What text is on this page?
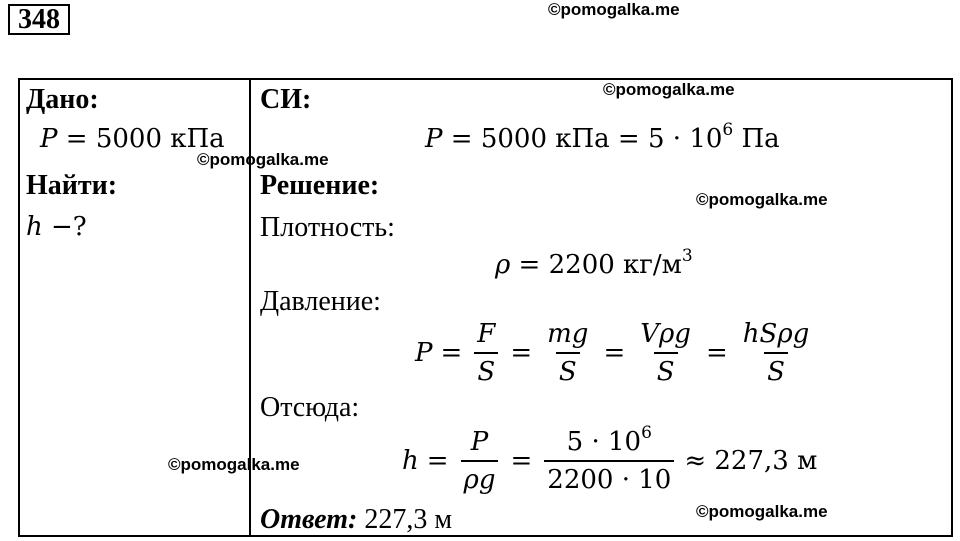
348	©pomogalka.me
Дано:
P = 5000 кПа
Найти:
h −?
СИ:
P = 5000 кПа = $5 \cdot 10^6$ Па
Решение:
Плотность:
ρ = 2200 $кг/м^3$
Давление:
$P = \frac{F}{S} = \frac{mg}{S} = \frac{\text{Vρg}}{S} = \frac{\text{hSρg}}{S}$
Отсюда:
$h = \frac{P}{\rho g} = \frac{5 \cdot 10^6}{2200 \cdot 10} \approx 227,3$ м
Ответ: 227,3 м
©pomogalka.me
©pomogalka.me
©pomogalka.me
©pomogalka.me
©pomogalka.me
